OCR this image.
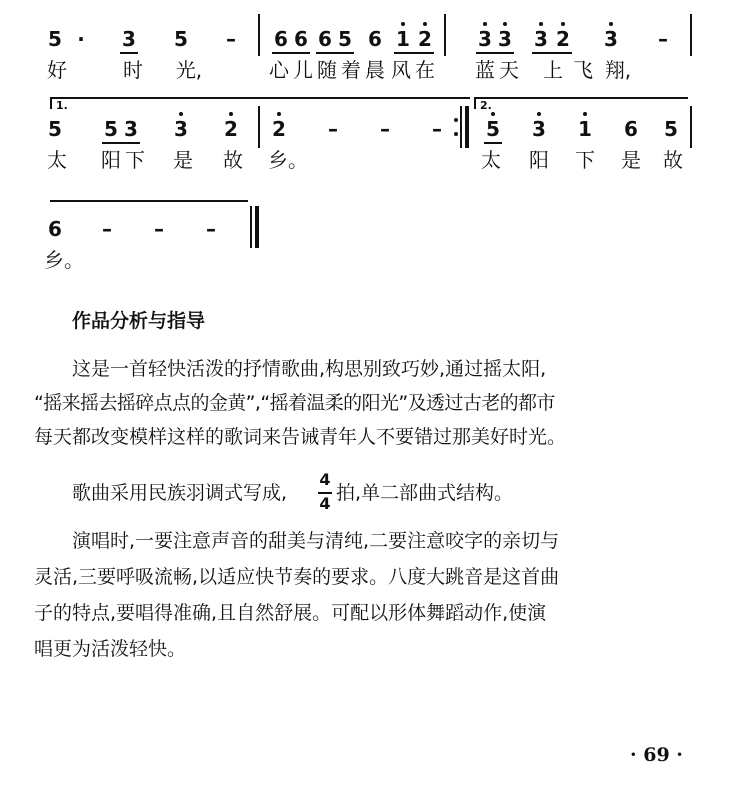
5 ·	3 5	–	6 6 6 5 6 1 2 3 3 3 2 3	–
好	时 光,	心 儿 随 着 晨 风 在 蓝 天 上 飞 翔,
1.	2.
5 5 3 3 2 2	–	–	–	5 3 1 6 5
太 阳 下 是 故 乡。	太 阳 下 是 故
6	–	–	–
乡。
作品分析与指导
这是一首轻快活泼的抒情歌曲,构思别致巧妙,通过摇太阳,
“摇来摇去摇碎点点的金黄”,“摇着温柔的阳光”及透过古老的都市
每天都改变模样这样的歌词来告诫青年人不要错过那美好时光。
歌曲采用民族羽调式写成,
4
4 拍,单二部曲式结构。
演唱时,一要注意声音的甜美与清纯,二要注意咬字的亲切与
灵活,三要呼吸流畅,以适应快节奏的要求。八度大跳音是这首曲
子的特点,要唱得准确,且自然舒展。可配以形体舞蹈动作,使演
唱更为活泼轻快。
· 69 ·
